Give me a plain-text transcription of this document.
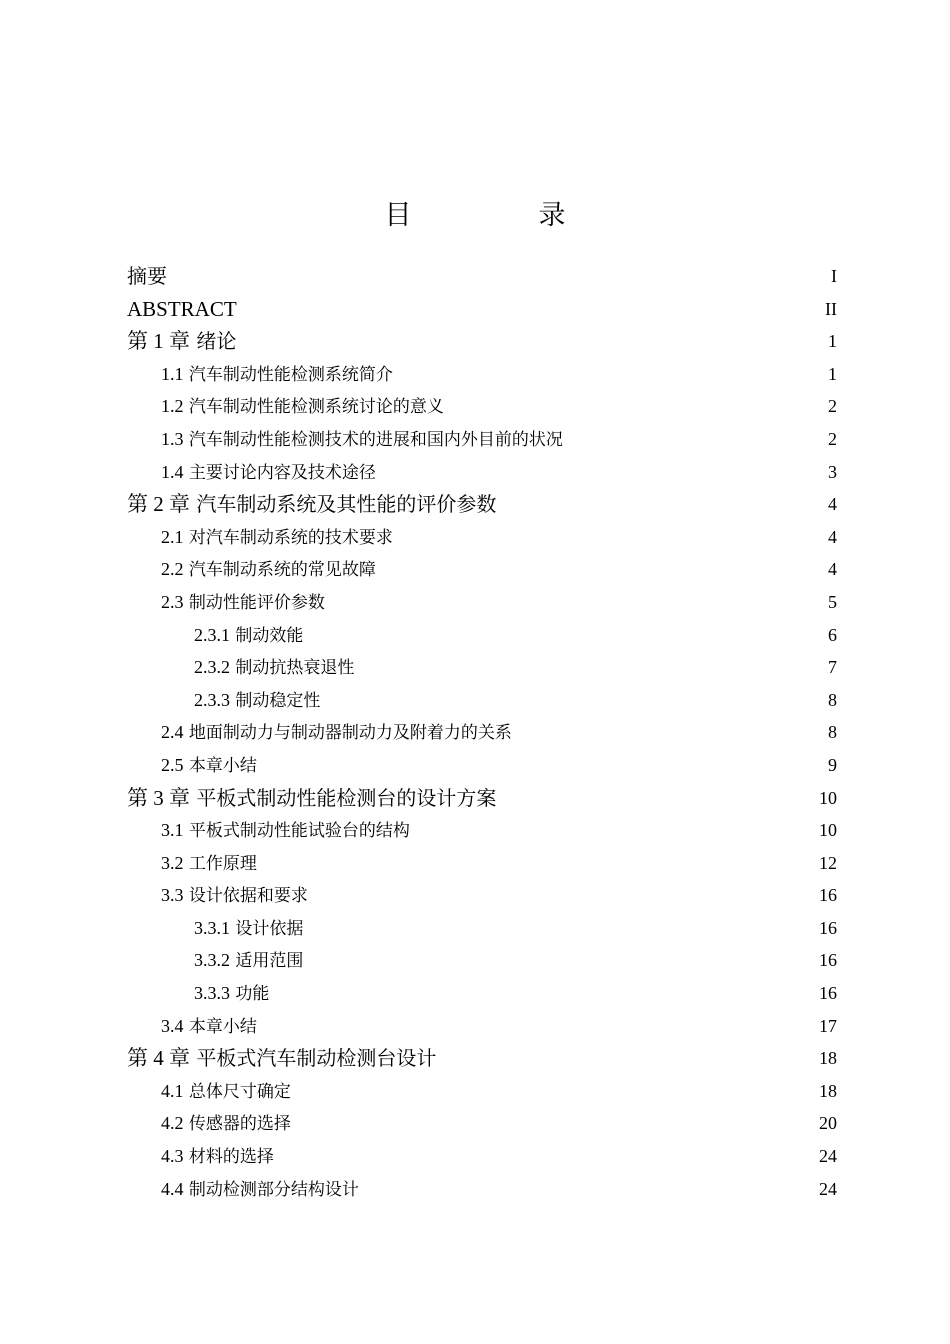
目　录
摘要	I
ABSTRACT	II
第 1 章 绪论	1
1.1 汽车制动性能检测系统简介	1
1.2 汽车制动性能检测系统讨论的意义	2
1.3 汽车制动性能检测技术的进展和国内外目前的状况	2
1.4 主要讨论内容及技术途径	3
第 2 章 汽车制动系统及其性能的评价参数	4
2.1 对汽车制动系统的技术要求	4
2.2 汽车制动系统的常见故障	4
2.3 制动性能评价参数	5
2.3.1 制动效能	6
2.3.2 制动抗热衰退性	7
2.3.3 制动稳定性	8
2.4 地面制动力与制动器制动力及附着力的关系	8
2.5 本章小结	9
第 3 章 平板式制动性能检测台的设计方案	10
3.1 平板式制动性能试验台的结构	10
3.2 工作原理	12
3.3 设计依据和要求	16
3.3.1 设计依据	16
3.3.2 适用范围	16
3.3.3 功能	16
3.4 本章小结	17
第 4 章 平板式汽车制动检测台设计	18
4.1 总体尺寸确定	18
4.2 传感器的选择	20
4.3 材料的选择	24
4.4 制动检测部分结构设计	24
